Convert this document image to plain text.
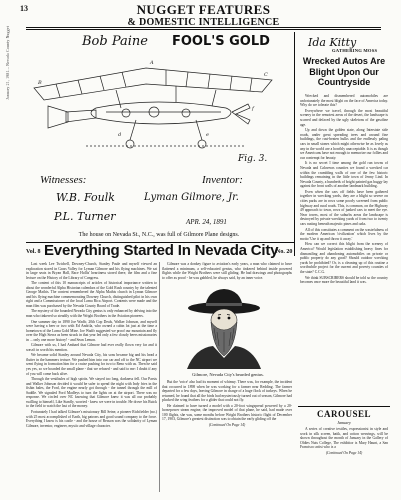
13
January 21, 1981... Nevada County Nugget
NUGGET FEATURES
& DOMESTIC INTELLIGENCE
Bob Paine FOOL'S GOLD
A
B
C
d	e
f
Fig. 3.
Witnesses:	Inventor:
W.B. Foulk	Lyman Gilmore, Jr.
P.L. Turner	APR. 24, 1891
The house on Nevada St., N.C., was full of Gilmore Plane designs.
Vol. 8 Everything Started In Nevada City
No. 20

Last week Lee Twichell, Downey-Church, Stanley Paule and myself viewed an exploration stored in Grass Valley for Lyman Gilmore and his flying machines. We sat in large seats in Bryan Hall, Race Hollis' heartiness stored there, the film and a fine lecture on the History of the Library of Congress.

The content of this 10 manuscripts of articles of historical importance written to about the wonderful Alpha Historian calendars of the Gold Rush country by the talented George Mathis. The content remembered the Alpha Mathis church in Lyman Gilmore and his flying machine commemorating Downey Church, distinguished pilot in his own right and a Commissioner of the local Loma Rica Airport. Contents were made and the man film was purchased by the Nevada County Board of Trade.

The mystery of the bounded Nevada City genius is only enhanced by delving into the man who tinkered so steadily with the Wright Brothers in the Aviation pioneers.

One summer day in 1890 Joe Wadfr, 20th Cop Deals, Walker Johnson, and myself were having a beer or two with Ed Andrila, who owned a cabin lot just at the time a hometown of the Loma Gold Mine. Joe Wadfr suggested we proof our mountain and fly over the High Sierra as been struck in that year led only a few cloudy beers missionaries in ... only one more history! - and Sean Lemon.

Gilmore with us, I had Ambard that Gilmore had ever really flown very far and it wasn't in worth his mention.

We became solid Stanley around Nevada City, his sons became big and his head a flutter in the hammers tecture. We pushed him into our car and off to the NC airport we went flying in formation him for a cruise pushing for two to Reno with us. Then he said yes yes, so we boarded the small plane - that we refused - and said to me: I doubt if any of you will come back alive.

Through the vestibules of high spirits. We stayed too long, darkness fell. Our Parsis and Walker Johnson decided it would be safer to spend the night with Indy fries in the fishin bales, the Ford, the engine nearly got through - the tunnel through the mill of Saddle. We signaled Ford Madleys to turn the lights on at the airport. There was no response. We circled over NC knowing that Gilmore knew it was all our probably swilling to himself, Like Stanfly, worried - knew we were in trouble. He drove his Ruick to the field to watch the last of the money.

Fortunately I had talked Gilmore's missionary Bill Seine, a pioneer Richfielder (no.) with 25 most accomplished of Earth, big patrons and good sound company to the force. Everything I know is his castle - and the house of Reason was the solidarity of Lyman Gilmore, inventor, engineer, mystic and village character.

Gilmore was a donkey figure to aviation's early years, a man who claimed to have flattened a minimum, a self-educated genius, who tinkered behind inside powered flights while the Wright Brothers were still gliding. He had drawings and photographs to offer as proof - he was gabbled, he always said, by an inner voice.

Gilmore, Nevada City's bearded genius.

But the 'voice' also had its moment of whimsy. There was, for example, the incident that occurred in 1898 when he was working for a farmer near Redding. The farmer departed for a few days, leaving Gilmore in charge of a huge flock of turkeys. When he returned, he found that all the birds had mysteriously turned out of season, Gilmore had plucked the wing feathers for a glider that could not fly.

He claimed to have turned a model with a 20-foot wingspread powered by a 20-horsepower steam engine, the improved model of that plane, he said, had made over 100 flights, she was, some months before Wright Brothers historic flight of December 17, 1903, Gilmore's greatest distinction was to obtain the early gliding off the

(Continued On Page 14)

Ida Kitty
GATHERING MOSS
Wrecked Autos Are Blight Upon Our Countryside

Wrecked and dismembered automobiles are unfortunately the most blight on the face of America today. Why do we tolerate this?

Everywhere we travel, through the most beautiful scenery in the remotest areas of the desert, the landscape is scarred and defaced by the ugly skeletons of the gasoline age.

Up and down the golden state, along Interstate side roads, under great spreading trees and around fine buildings, the rust-beaten hulks and the endlessly paling cars in small stones which might otherwise be as lovely as any in the world are a horribly unacceptable. It is as though we Americans have not enough to memorize our follies and our contempt for beauty.

It is no secret I time among the gold run towns of Nevada and Calaveras counties we found a wrecked car within the crumbling walls of one of the few historic buildings remaining in the little town of Jenny Lind. In Nevada County, a hundreds of bright painted gas buggy lay against the front walls of another landmark building.

Even when the cars off fields have been gathered together in wrecking yards, they are a blight so severe on cities parks are in rows some poorly screened from public highway and rural roads. This, is common, on the Highway 49 approach to town, rows of junked cars to meet the eye. Near towns, most of the suburbs areas the landscape is destroyed by private wrecking yards of from two to twenty cars rusting beneath majestic pines and oaks.

All of this constitutes a comment on the wastefulness of the modern American 'civilization' which lives by the motto 'Use it up and throw it away.'

How can we correct this blight from the scenery of America? Would legislation establishing heavy fines for dismantling and abandoning automobiles on private or public property do any good? Should outdoor wrecking yards be prohibited? Or, is a cleaning up of this routine a worthwhile project for the current and poverty counties of the state? C.C.G.

We think SUBSCRIBERS should be told so the country becomes once more the beautiful land it was.

CAROUSEL
January

A series of creative textiles, expressionist in style and work in silk screen, batik, and cotton weavings, will be shown throughout the month of January in the Gallery of Oldies Nuts College, The exhibitor is Mary Haunt, a San Francisco artist who is a

(Continued On Page 14)
